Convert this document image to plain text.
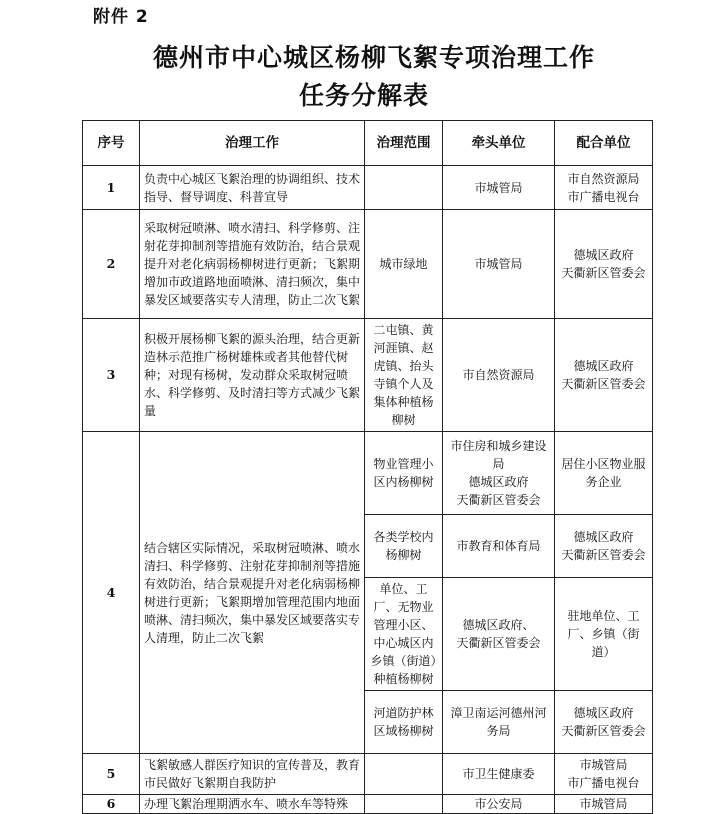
附件 2
德州市中心城区杨柳飞絮专项治理工作
任务分解表
序号	治理工作	治理范围	牵头单位	配合单位
1	负责中心城区飞絮治理的协调组织、技术指导、督导调度、科普宣导		市城管局	市自然资源局
市广播电视台
2	采取树冠喷淋、喷水清扫、科学修剪、注射花芽抑制剂等措施有效防治，结合景观提升对老化病弱杨柳树进行更新；飞絮期增加市政道路地面喷淋、清扫频次，集中暴发区域要落实专人清理，防止二次飞絮	城市绿地	市城管局	德城区政府
天衢新区管委会
3	积极开展杨柳飞絮的源头治理，结合更新造林示范推广杨树雄株或者其他替代树种；对现有杨树，发动群众采取树冠喷水、科学修剪、及时清扫等方式减少飞絮量	二屯镇、黄河涯镇、赵虎镇、抬头寺镇个人及集体种植杨柳树	市自然资源局	德城区政府
天衢新区管委会
4	结合辖区实际情况，采取树冠喷淋、喷水清扫、科学修剪、注射花芽抑制剂等措施有效防治，结合景观提升对老化病弱杨柳树进行更新；飞絮期增加管理范围内地面喷淋、清扫频次，集中暴发区域要落实专人清理，防止二次飞絮	物业管理小区内杨柳树	市住房和城乡建设局
德城区政府
天衢新区管委会	居住小区物业服务企业
		各类学校内杨柳树	市教育和体育局	德城区政府
天衢新区管委会
		单位、工厂、无物业管理小区、中心城区内乡镇（街道）种植杨柳树	德城区政府、
天衢新区管委会	驻地单位、工厂、乡镇（街道）
		河道防护林区域杨柳树	漳卫南运河德州河务局	德城区政府
天衢新区管委会
5	飞絮敏感人群医疗知识的宣传普及，教育市民做好飞絮期自我防护		市卫生健康委	市城管局
市广播电视台
6	办理飞絮治理期洒水车、喷水车等特殊		市公安局	市城管局
